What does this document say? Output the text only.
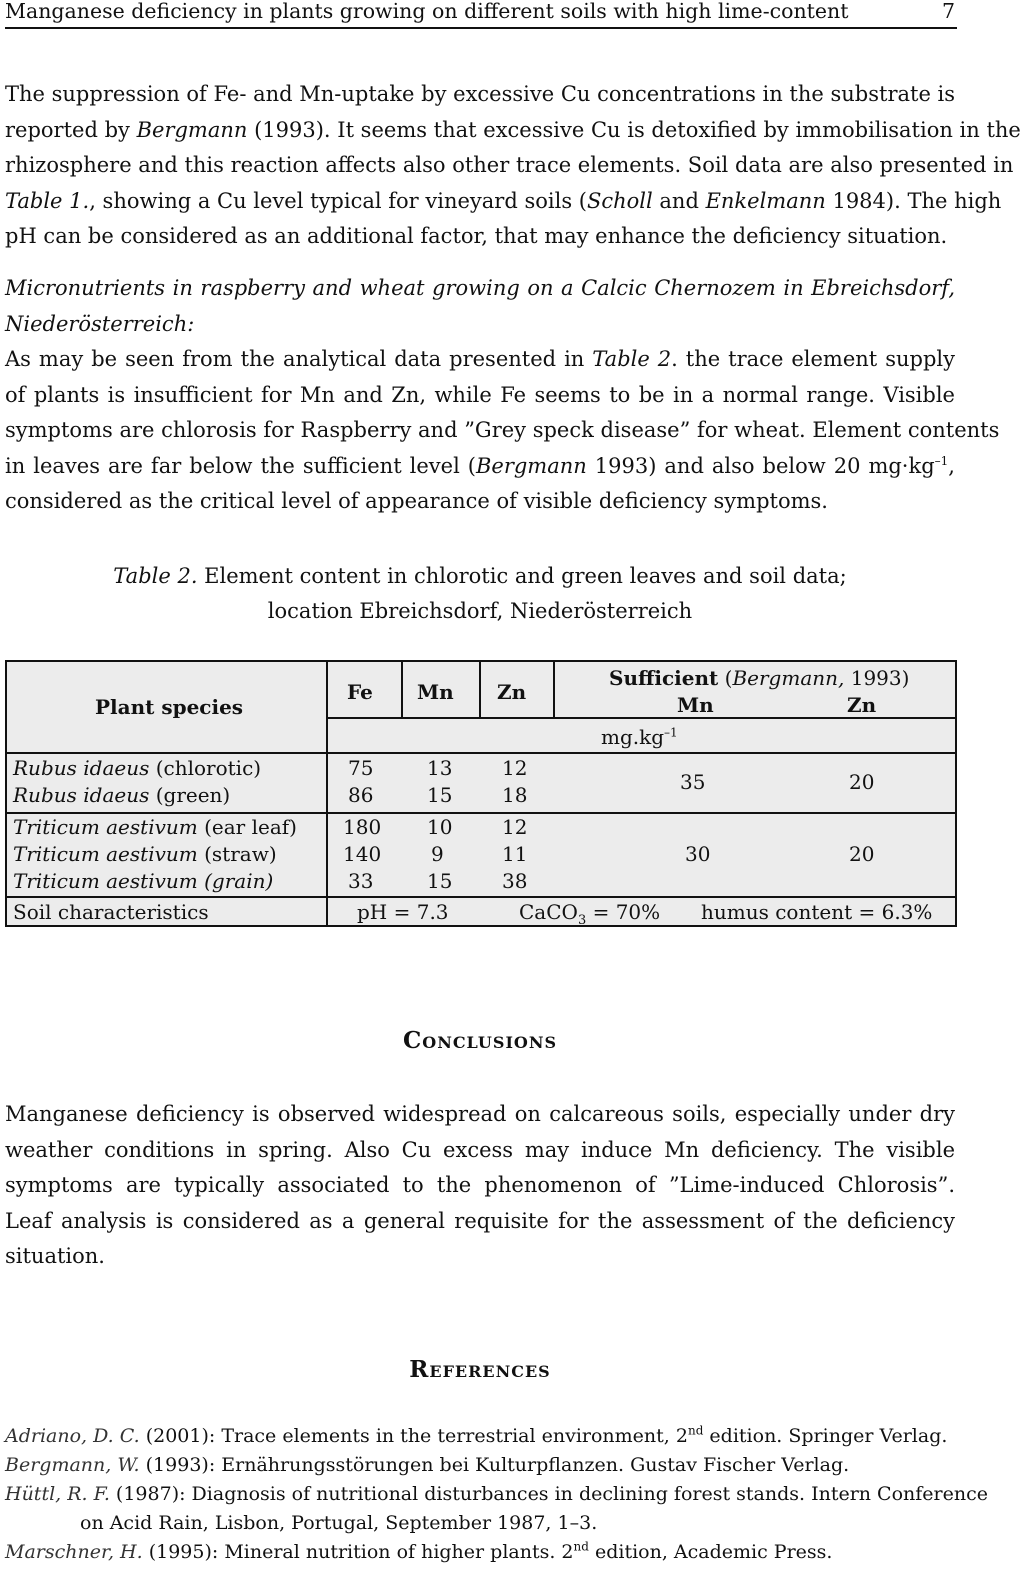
Manganese deficiency in plants growing on different soils with high lime-content	7
The suppression of Fe- and Mn-uptake by excessive Cu concentrations in the substrate is
reported by Bergmann (1993). It seems that excessive Cu is detoxified by immobilisation in the
rhizosphere and this reaction affects also other trace elements. Soil data are also presented in
Table 1., showing a Cu level typical for vineyard soils (Scholl and Enkelmann 1984). The high
pH can be considered as an additional factor, that may enhance the deficiency situation.
Micronutrients in raspberry and wheat growing on a Calcic Chernozem in Ebreichsdorf,
Niederösterreich:
As may be seen from the analytical data presented in Table 2. the trace element supply
of plants is insufficient for Mn and Zn, while Fe seems to be in a normal range. Visible
symptoms are chlorosis for Raspberry and ”Grey speck disease” for wheat. Element contents
in leaves are far below the sufficient level (Bergmann 1993) and also below 20 $mg\cdot kg^{-1}$,
considered as the critical level of appearance of visible deficiency symptoms.
Table 2. Element content in chlorotic and green leaves and soil data;
location Ebreichsdorf, Niederösterreich
Plant species
Fe Mn Zn
Sufficient (Bergmann, 1993)
Mn	Zn
$mg.kg^{-1}$
Rubus idaeus (chlorotic)	75	13 12
Rubus idaeus (green)	86	15 18
35	20
Triticum aestivum (ear leaf) 180 10 12
Triticum aestivum (straw)	140 9	11
Triticum aestivum (grain)	33	15 38
30	20
Soil characteristics	pH = 7.3	CaCO$_3$ = 70% humus content = 6.3%
Conclusions
Manganese deficiency is observed widespread on calcareous soils, especially under dry
weather conditions in spring. Also Cu excess may induce Mn deficiency. The visible
symptoms are typically associated to the phenomenon of ”Lime-induced Chlorosis”.
Leaf analysis is considered as a general requisite for the assessment of the deficiency
situation.
References
Adriano, D. C. (2001): Trace elements in the terrestrial environment, 2nd edition. Springer Verlag.
Bergmann, W. (1993): Ernährungsstörungen bei Kulturpflanzen. Gustav Fischer Verlag.
Hüttl, R. F. (1987): Diagnosis of nutritional disturbances in declining forest stands. Intern Conference
on Acid Rain, Lisbon, Portugal, September 1987, 1–3.
Marschner, H. (1995): Mineral nutrition of higher plants. 2nd edition, Academic Press.
